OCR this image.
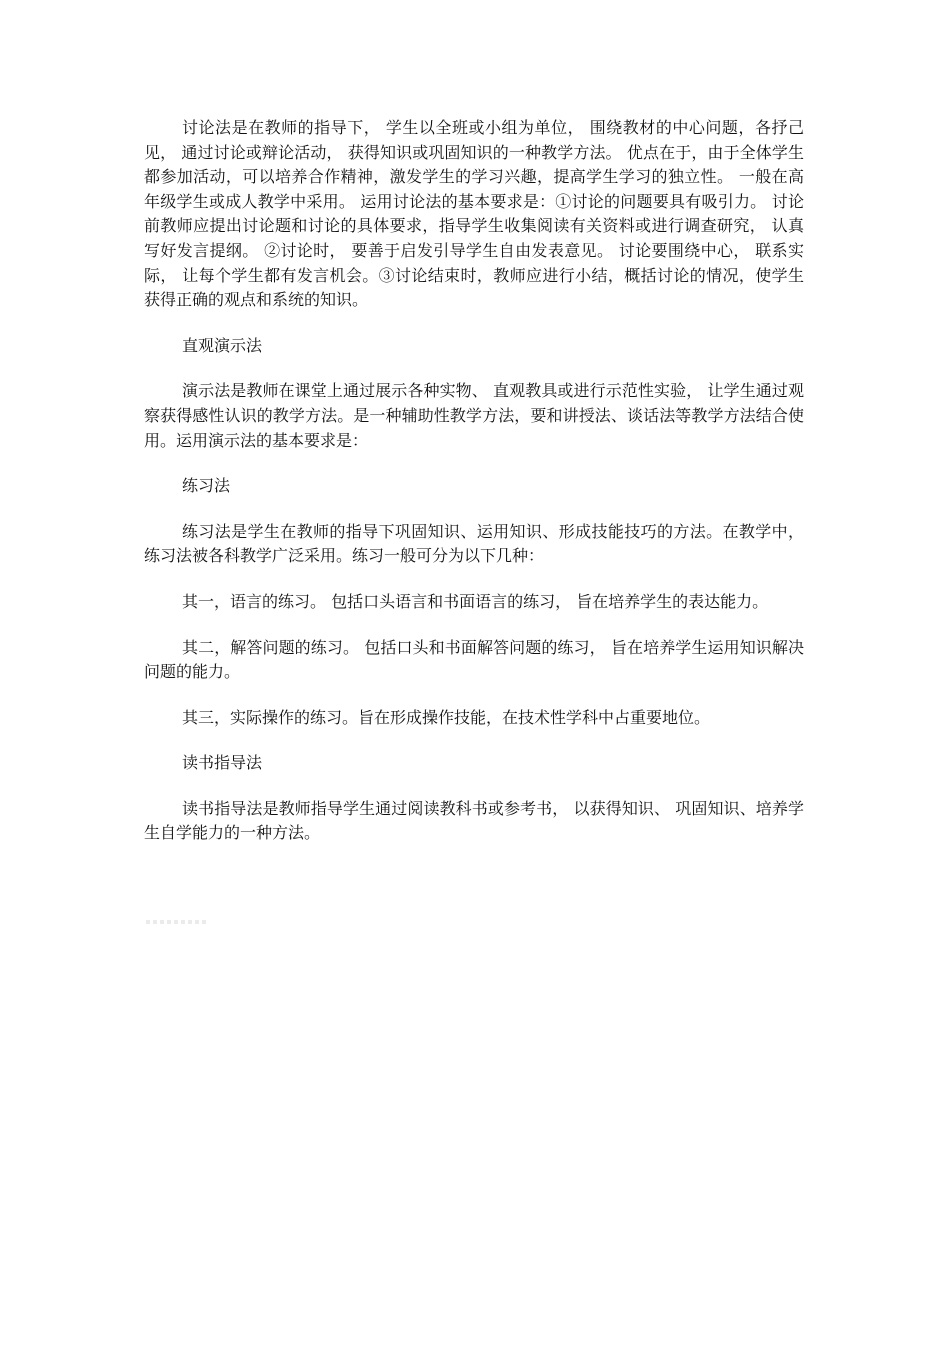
讨论法是在教师的指导下， 学生以全班或小组为单位， 围绕教材的中心问题，各抒己见， 通过讨论或辩论活动， 获得知识或巩固知识的一种教学方法。 优点在于，由于全体学生都参加活动，可以培养合作精神，激发学生的学习兴趣，提高学生学习的独立性。 一般在高年级学生或成人教学中采用。 运用讨论法的基本要求是：①讨论的问题要具有吸引力。 讨论前教师应提出讨论题和讨论的具体要求，指导学生收集阅读有关资料或进行调查研究， 认真写好发言提纲。 ②讨论时， 要善于启发引导学生自由发表意见。 讨论要围绕中心， 联系实际， 让每个学生都有发言机会。③讨论结束时，教师应进行小结，概括讨论的情况，使学生获得正确的观点和系统的知识。

直观演示法

演示法是教师在课堂上通过展示各种实物、 直观教具或进行示范性实验， 让学生通过观察获得感性认识的教学方法。是一种辅助性教学方法，要和讲授法、谈话法等教学方法结合使用。运用演示法的基本要求是：

练习法

练习法是学生在教师的指导下巩固知识、运用知识、形成技能技巧的方法。在教学中，练习法被各科教学广泛采用。练习一般可分为以下几种：

其一，语言的练习。 包括口头语言和书面语言的练习， 旨在培养学生的表达能力。

其二，解答问题的练习。 包括口头和书面解答问题的练习， 旨在培养学生运用知识解决问题的能力。

其三，实际操作的练习。旨在形成操作技能，在技术性学科中占重要地位。

读书指导法

读书指导法是教师指导学生通过阅读教科书或参考书， 以获得知识、 巩固知识、培养学生自学能力的一种方法。
